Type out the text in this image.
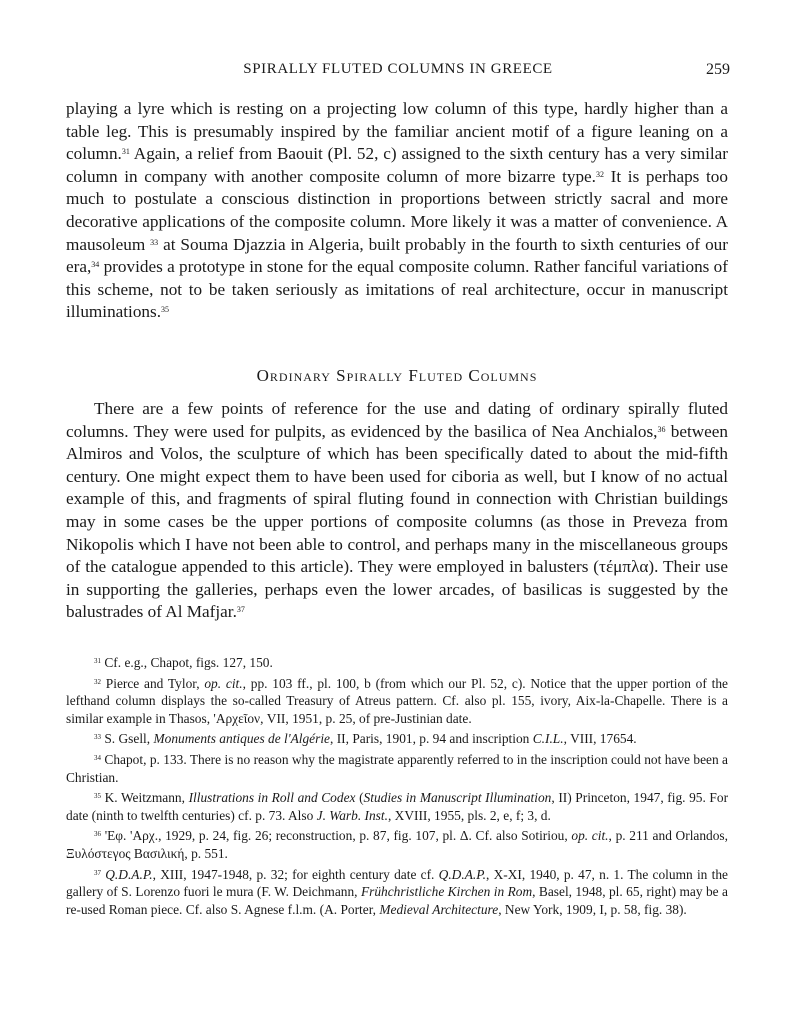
SPIRALLY FLUTED COLUMNS IN GREECE	259

playing a lyre which is resting on a projecting low column of this type, hardly higher than a table leg. This is presumably inspired by the familiar ancient motif of a figure leaning on a column.$^{31}$ Again, a relief from Baouit (Pl. 52, c) assigned to the sixth century has a very similar column in company with another composite column of more bizarre type.$^{32}$ It is perhaps too much to postulate a conscious distinction in proportions between strictly sacral and more decorative applications of the composite column. More likely it was a matter of convenience. A mausoleum $^{33}$ at Souma Djazzia in Algeria, built probably in the fourth to sixth centuries of our era,$^{34}$ provides a prototype in stone for the equal composite column. Rather fanciful variations of this scheme, not to be taken seriously as imitations of real architecture, occur in manuscript illuminations.$^{35}$

Ordinary Spirally Fluted Columns

There are a few points of reference for the use and dating of ordinary spirally fluted columns. They were used for pulpits, as evidenced by the basilica of Nea Anchialos,$^{36}$ between Almiros and Volos, the sculpture of which has been specifically dated to about the mid-fifth century. One might expect them to have been used for ciboria as well, but I know of no actual example of this, and fragments of spiral fluting found in connection with Christian buildings may in some cases be the upper portions of composite columns (as those in Preveza from Nikopolis which I have not been able to control, and perhaps many in the miscellaneous groups of the catalogue appended to this article). They were employed in balusters (τέμπλα). Their use in supporting the galleries, perhaps even the lower arcades, of basilicas is suggested by the balustrades of Al Mafjar.$^{37}$

$^{31}$ Cf. e.g., Chapot, figs. 127, 150.

$^{32}$ Pierce and Tylor, op. cit., pp. 103 ff., pl. 100, b (from which our Pl. 52, c). Notice that the upper portion of the lefthand column displays the so-called Treasury of Atreus pattern. Cf. also pl. 155, ivory, Aix-la-Chapelle. There is a similar example in Thasos, 'Αρχεῖον, VII, 1951, p. 25, of pre-Justinian date.

$^{33}$ S. Gsell, Monuments antiques de l'Algérie, II, Paris, 1901, p. 94 and inscription C.I.L., VIII, 17654.

$^{34}$ Chapot, p. 133. There is no reason why the magistrate apparently referred to in the inscription could not have been a Christian.

$^{35}$ K. Weitzmann, Illustrations in Roll and Codex (Studies in Manuscript Illumination, II) Princeton, 1947, fig. 95. For date (ninth to twelfth centuries) cf. p. 73. Also J. Warb. Inst., XVIII, 1955, pls. 2, e, f; 3, d.

$^{36}$ 'Εφ. 'Αρχ., 1929, p. 24, fig. 26; reconstruction, p. 87, fig. 107, pl. Δ. Cf. also Sotiriou, op. cit., p. 211 and Orlandos, Ξυλόστεγος Βασιλική, p. 551.

$^{37}$ Q.D.A.P., XIII, 1947-1948, p. 32; for eighth century date cf. Q.D.A.P., X-XI, 1940, p. 47, n. 1. The column in the gallery of S. Lorenzo fuori le mura (F. W. Deichmann, Frühchristliche Kirchen in Rom, Basel, 1948, pl. 65, right) may be a re-used Roman piece. Cf. also S. Agnese f.l.m. (A. Porter, Medieval Architecture, New York, 1909, I, p. 58, fig. 38).
